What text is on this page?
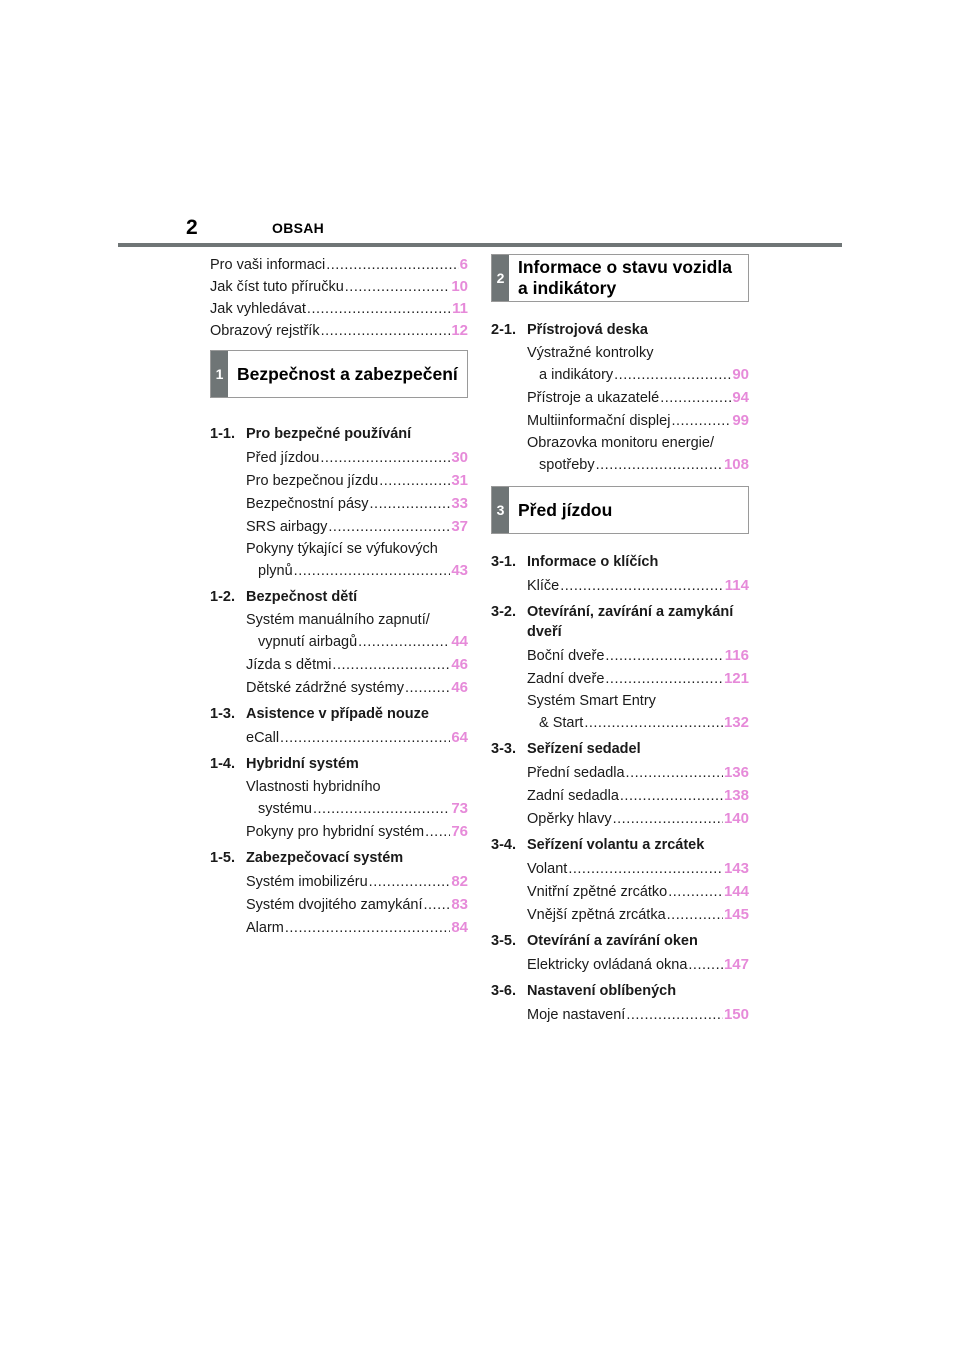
2	OBSAH
Pro vaši informaci .....	6
Jak číst tuto příručku .....	10
Jak vyhledávat .....	11
Obrazový rejstřík .....	12
1 Bezpečnost a zabezpečení
1-1. Pro bezpečné používání
Před jízdou .....	30
Pro bezpečnou jízdu .....	31
Bezpečnostní pásy .....	33
SRS airbagy .....	37
Pokyny týkající se výfukových
plynů .....	43
1-2. Bezpečnost dětí
Systém manuálního zapnutí/
vypnutí airbagů .....	44
Jízda s dětmi .....	46
Dětské zádržné systémy .....	46
1-3. Asistence v případě nouze
eCall .....	64
1-4. Hybridní systém
Vlastnosti hybridního
systému .....	73
Pokyny pro hybridní systém ..... 76
1-5. Zabezpečovací systém
Systém imobilizéru .....	82
Systém dvojitého zamykání ..... 83
Alarm .....	84
2
Informace o stavu vozidla
a indikátory
2-1. Přístrojová deska
Výstražné kontrolky
a indikátory .....	90
Přístroje a ukazatelé .....	94
Multiinformační displej .....	99
Obrazovka monitoru energie/
spotřeby .....	108
3 Před jízdou
3-1. Informace o klíčích
Klíče .....	114
3-2. Otevírání, zavírání a zamykání dveří
Boční dveře .....	116
Zadní dveře .....	121
Systém Smart Entry
& Start .....	132
3-3. Seřízení sedadel
Přední sedadla .....	136
Zadní sedadla .....	138
Opěrky hlavy .....	140
3-4. Seřízení volantu a zrcátek
Volant .....	143
Vnitřní zpětné zrcátko .....	144
Vnější zpětná zrcátka .....	145
3-5. Otevírání a zavírání oken
Elektricky ovládaná okna ..... 147
3-6. Nastavení oblíbených
Moje nastavení .....	150
